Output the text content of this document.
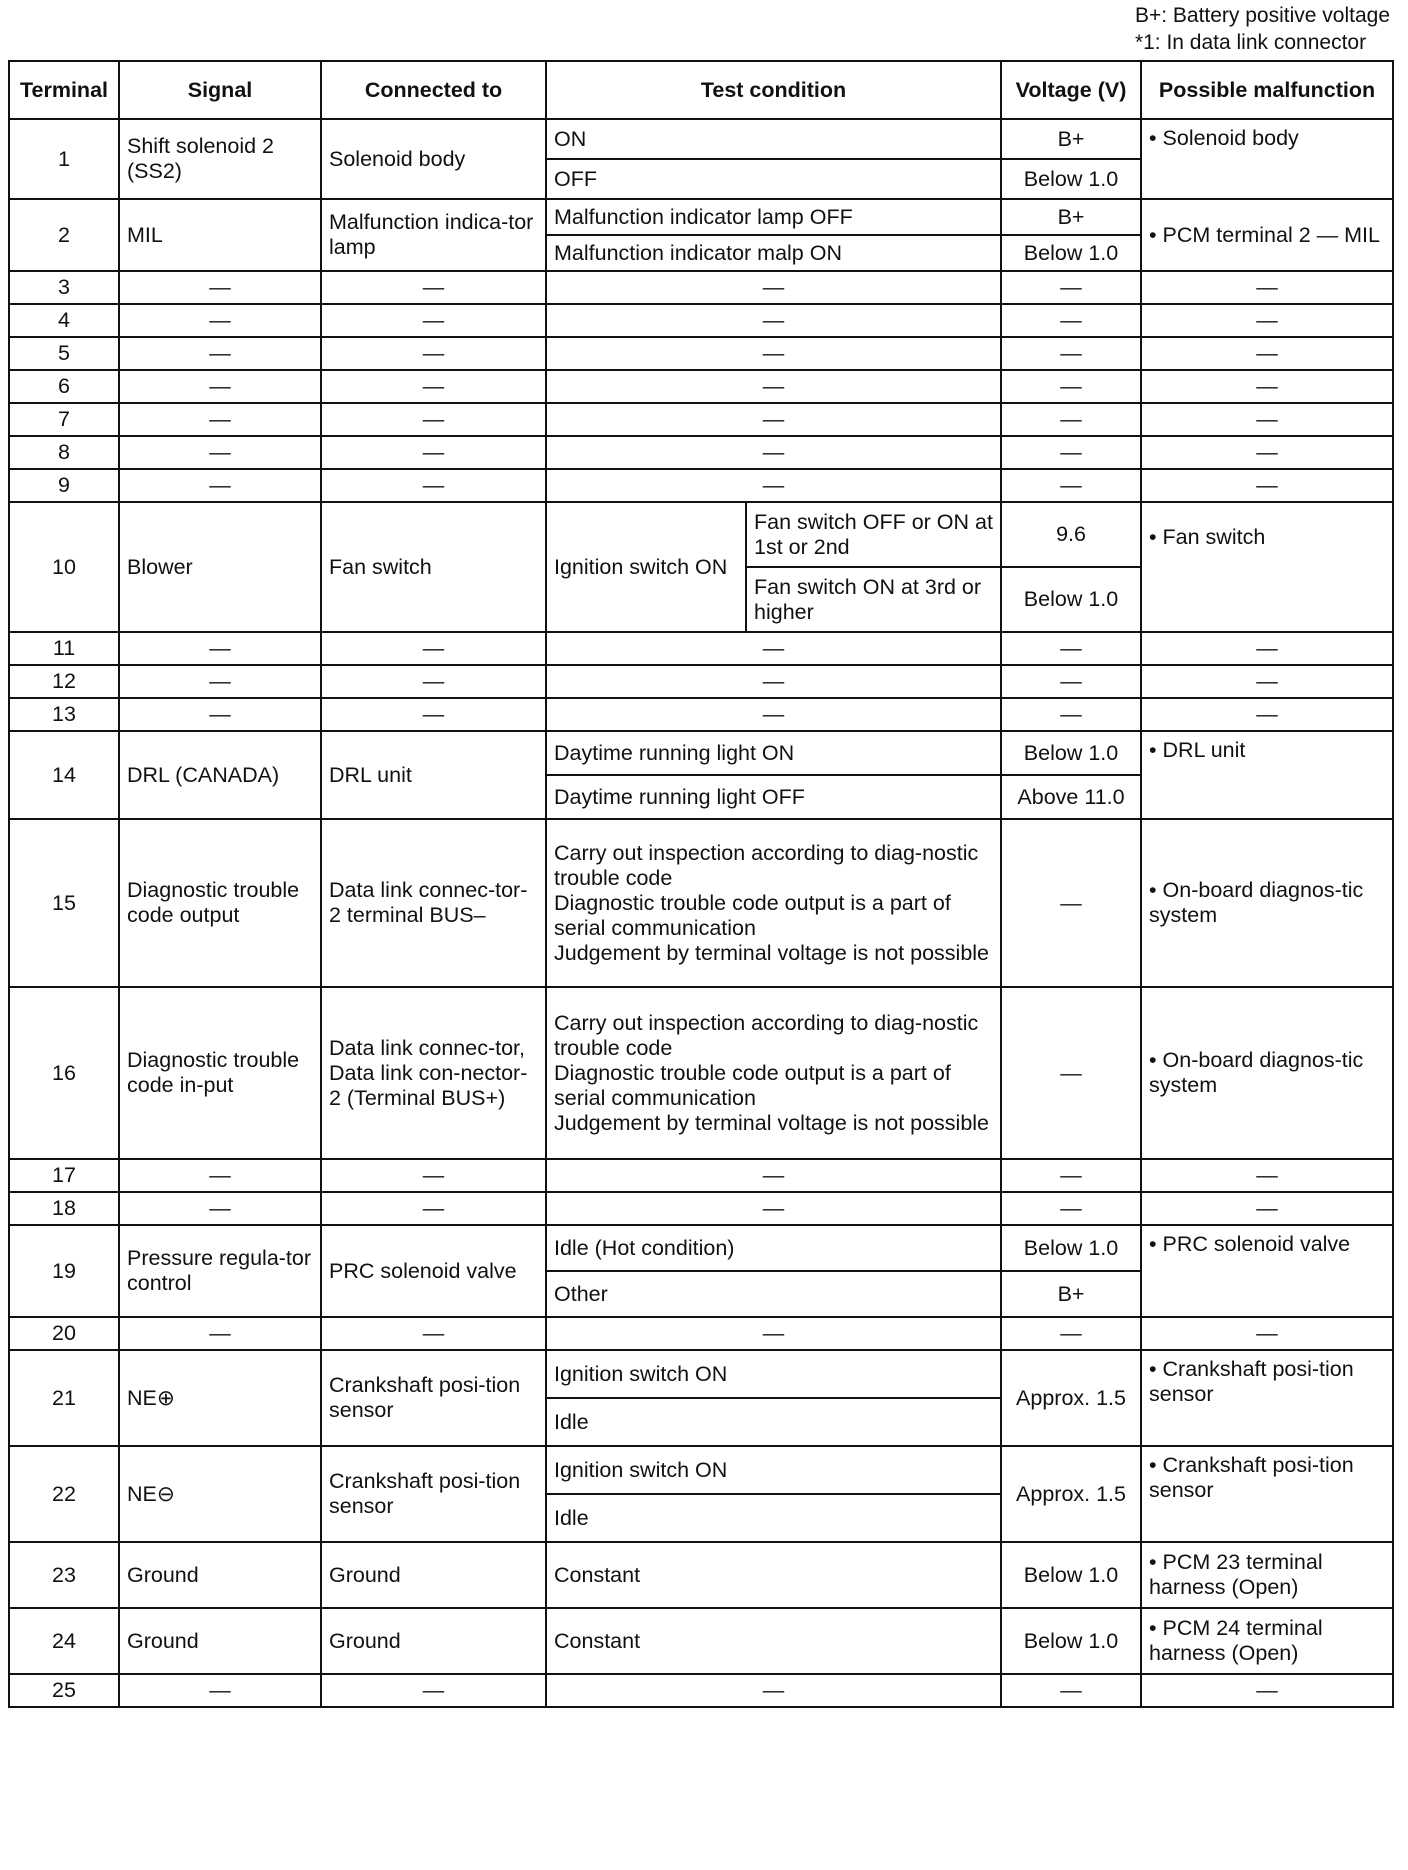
B+: Battery positive voltage
*1: In data link connector
Terminal	Signal	Connected to	Test condition		Voltage (V)	Possible malfunction
1	Shift solenoid 2 (SS2)	Solenoid body	ON		B+	• Solenoid body
			OFF		Below 1.0	
2	MIL	Malfunction indica-tor lamp	Malfunction indicator lamp OFF		B+	• PCM terminal 2 — MIL
			Malfunction indicator malp ON		Below 1.0	
3	—	—	—		—	—
4	—	—	—		—	—
5	—	—	—		—	—
6	—	—	—		—	—
7	—	—	—		—	—
8	—	—	—		—	—
9	—	—	—		—	—
10	Blower	Fan switch	Ignition switch ON	Fan switch OFF or ON at 1st or 2nd	9.6	• Fan switch
				Fan switch ON at 3rd or higher	Below 1.0	
11	—	—	—		—	—
12	—	—	—		—	—
13	—	—	—		—	—
14	DRL (CANADA)	DRL unit	Daytime running light ON		Below 1.0	• DRL unit
			Daytime running light OFF		Above 11.0	
15	Diagnostic trouble code output	Data link connec-tor-2 terminal BUS–	Carry out inspection according to diag-nostic trouble code
Diagnostic trouble code output is a part of serial communication
Judgement by terminal voltage is not possible		—	• On-board diagnos-tic system
16	Diagnostic trouble code in-put	Data link connec-tor, Data link con-nector-2 (Terminal BUS+)	Carry out inspection according to diag-nostic trouble code
Diagnostic trouble code output is a part of serial communication
Judgement by terminal voltage is not possible		—	• On-board diagnos-tic system
17	—	—	—		—	—
18	—	—	—		—	—
19	Pressure regula-tor control	PRC solenoid valve	Idle (Hot condition)		Below 1.0	• PRC solenoid valve
			Other		B+	
20	—	—	—		—	—
21	NE⊕	Crankshaft posi-tion sensor	Ignition switch ON		Approx. 1.5	• Crankshaft posi-tion sensor
			Idle			
22	NE⊖	Crankshaft posi-tion sensor	Ignition switch ON		Approx. 1.5	• Crankshaft posi-tion sensor
			Idle			
23	Ground	Ground	Constant		Below 1.0	• PCM 23 terminal harness (Open)
24	Ground	Ground	Constant		Below 1.0	• PCM 24 terminal harness (Open)
25	—	—	—		—	—
